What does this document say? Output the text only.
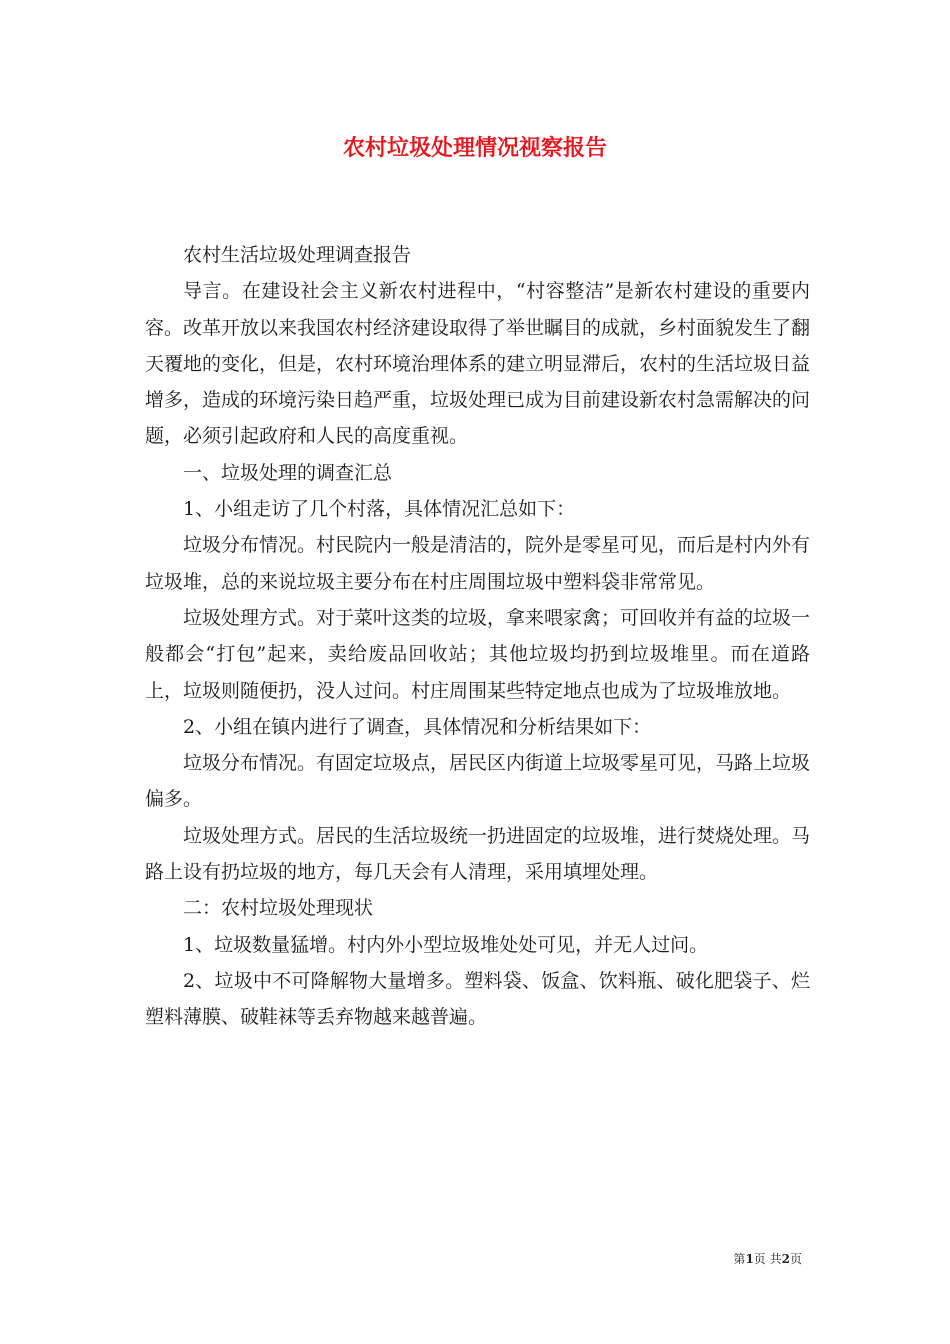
农村垃圾处理情况视察报告

农村生活垃圾处理调查报告

导言。在建设社会主义新农村进程中，“村容整洁”是新农村建设的重要内容。改革开放以来我国农村经济建设取得了举世瞩目的成就，乡村面貌发生了翻天覆地的变化，但是，农村环境治理体系的建立明显滞后，农村的生活垃圾日益增多，造成的环境污染日趋严重，垃圾处理已成为目前建设新农村急需解决的问题，必须引起政府和人民的高度重视。

一、垃圾处理的调查汇总

1、小组走访了几个村落，具体情况汇总如下：

垃圾分布情况。村民院内一般是清洁的，院外是零星可见，而后是村内外有垃圾堆，总的来说垃圾主要分布在村庄周围垃圾中塑料袋非常常见。

垃圾处理方式。对于菜叶这类的垃圾，拿来喂家禽；可回收并有益的垃圾一般都会“打包”起来，卖给废品回收站；其他垃圾均扔到垃圾堆里。而在道路上，垃圾则随便扔，没人过问。村庄周围某些特定地点也成为了垃圾堆放地。

2、小组在镇内进行了调查，具体情况和分析结果如下：

垃圾分布情况。有固定垃圾点，居民区内街道上垃圾零星可见，马路上垃圾偏多。

垃圾处理方式。居民的生活垃圾统一扔进固定的垃圾堆，进行焚烧处理。马路上设有扔垃圾的地方，每几天会有人清理，采用填埋处理。

二：农村垃圾处理现状

1、垃圾数量猛增。村内外小型垃圾堆处处可见，并无人过问。

2、垃圾中不可降解物大量增多。塑料袋、饭盒、饮料瓶、破化肥袋子、烂塑料薄膜、破鞋袜等丢弃物越来越普遍。

第1页 共2页
